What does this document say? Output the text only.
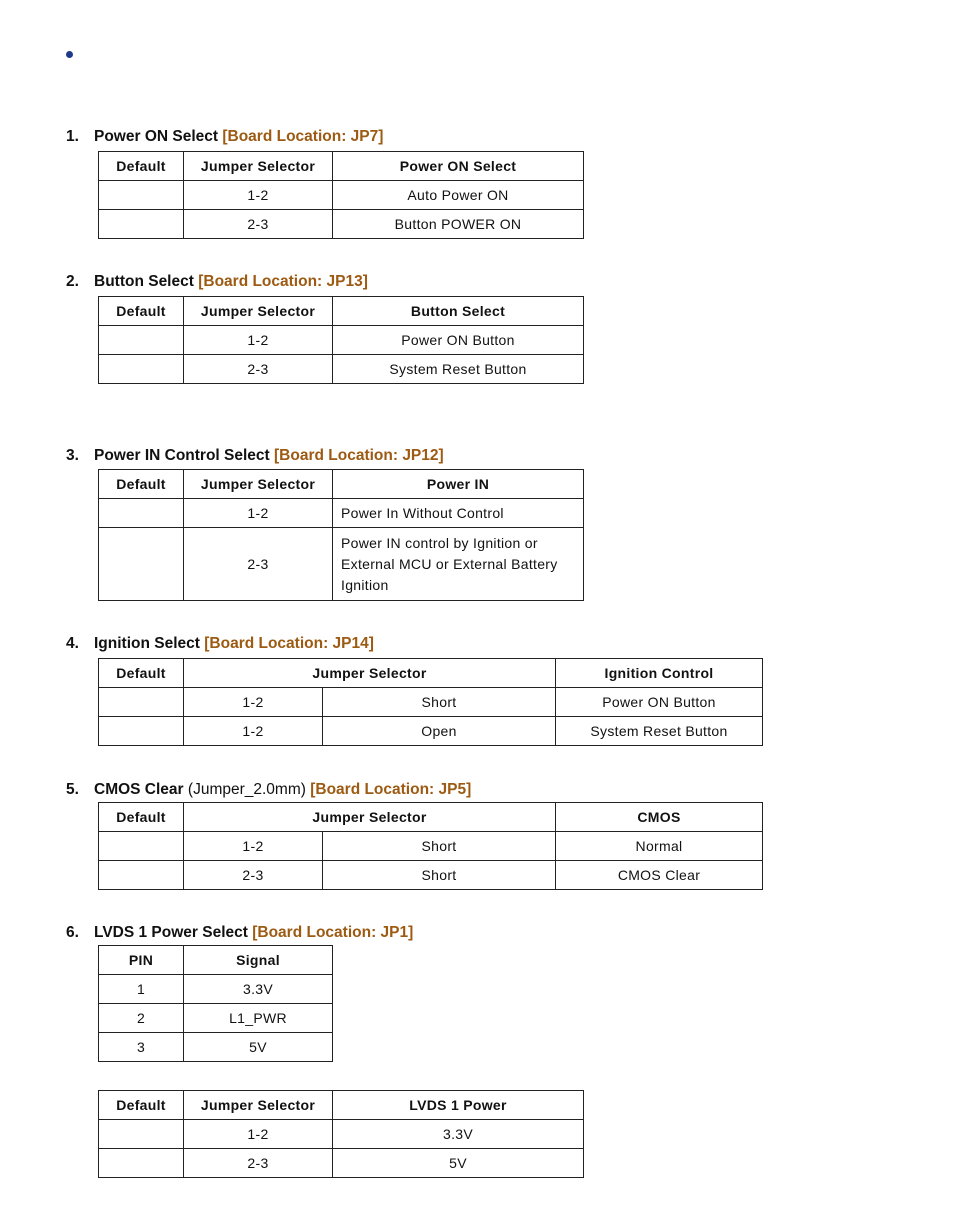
1. Power ON Select [Board Location: JP7]
Default	Jumper Selector	Power ON Select
	1-2	Auto Power ON
	2-3	Button POWER ON
2. Button Select [Board Location: JP13]
Default	Jumper Selector	Button Select
	1-2	Power ON Button
	2-3	System Reset Button
3. Power IN Control Select [Board Location: JP12]
Default	Jumper Selector	Power IN
	1-2	Power In Without Control
	2-3	Power IN control by Ignition or External MCU or External Battery Ignition
4. Ignition Select [Board Location: JP14]
Default	Jumper Selector		Ignition Control
	1-2	Short	Power ON Button
	1-2	Open	System Reset Button
5. CMOS Clear (Jumper_2.0mm) [Board Location: JP5]
Default	Jumper Selector		CMOS
	1-2	Short	Normal
	2-3	Short	CMOS Clear
6. LVDS 1 Power Select [Board Location: JP1]
PIN	Signal
1	3.3V
2	L1_PWR
3	5V
Default	Jumper Selector	LVDS 1 Power
	1-2	3.3V
	2-3	5V
